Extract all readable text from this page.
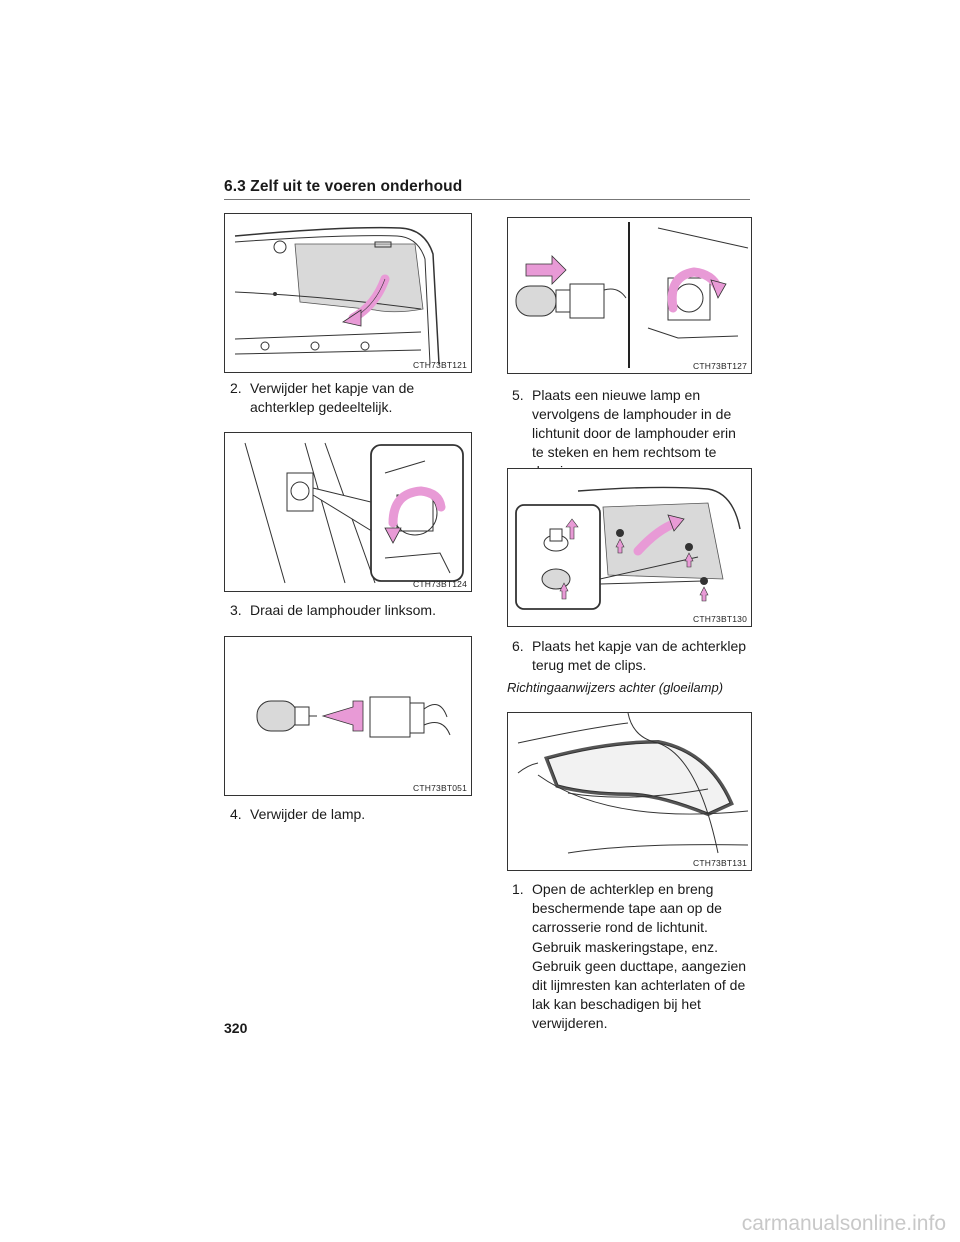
6.3 Zelf uit te voeren onderhoud
CTH73BT121
2. Verwijder het kapje van de achterklep gedeeltelijk.
CTH73BT124
3. Draai de lamphouder linksom.
CTH73BT051
4. Verwijder de lamp.
CTH73BT127
5. Plaats een nieuwe lamp en vervolgens de lamphouder in de lichtunit door de lamphouder erin te steken en hem rechtsom te
CTH73BT130
6. Plaats het kapje van de achterklep terug met de clips.
Richtingaanwijzers achter (gloeilamp)
CTH73BT131
1. Open de achterklep en breng beschermende tape aan op de carrosserie rond de lichtunit.
Gebruik maskeringstape, enz. Gebruik geen ducttape, aangezien dit lijmresten kan achterlaten of de lak kan beschadigen bij het verwijderen.
320
carmanualsonline.info
